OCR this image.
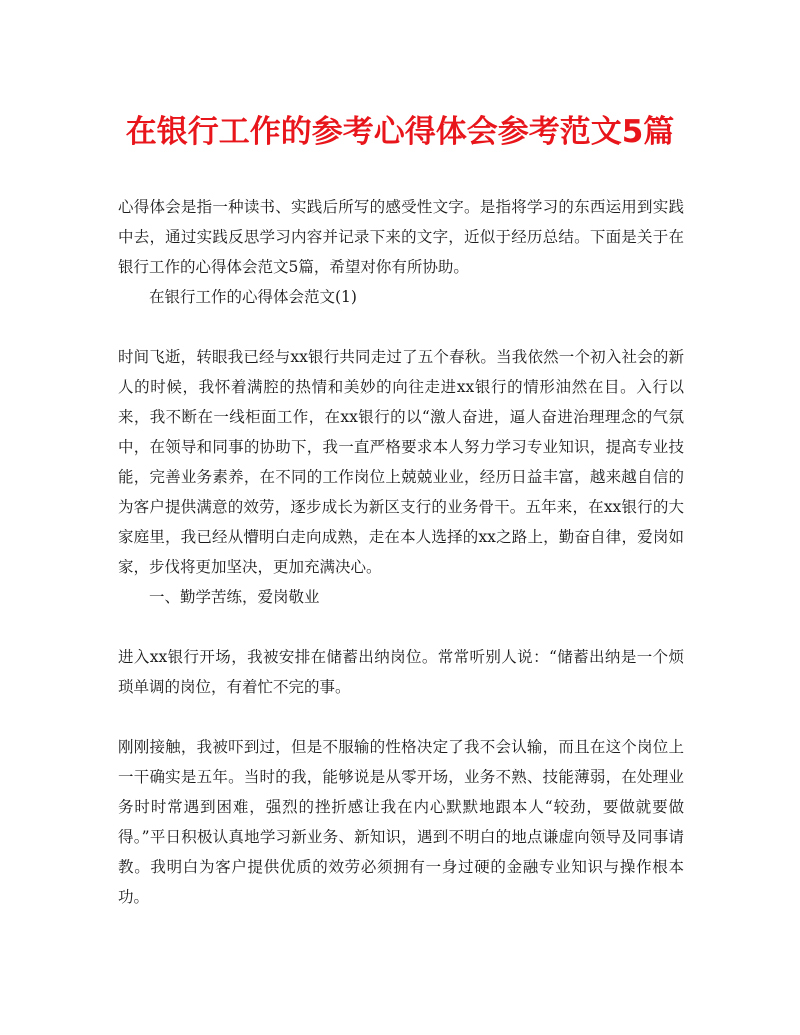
在银行工作的参考心得体会参考范文5篇

心得体会是指一种读书、实践后所写的感受性文字。是指将学习的东西运用到实践中去，通过实践反思学习内容并记录下来的文字，近似于经历总结。下面是关于在银行工作的心得体会范文5篇，希望对你有所协助。

在银行工作的心得体会范文(1)

时间飞逝，转眼我已经与xx银行共同走过了五个春秋。当我依然一个初入社会的新人的时候，我怀着满腔的热情和美妙的向往走进xx银行的情形油然在目。入行以来，我不断在一线柜面工作，在xx银行的以“激人奋进，逼人奋进治理理念的气氛中，在领导和同事的协助下，我一直严格要求本人努力学习专业知识，提高专业技能，完善业务素养，在不同的工作岗位上兢兢业业，经历日益丰富，越来越自信的为客户提供满意的效劳，逐步成长为新区支行的业务骨干。五年来，在xx银行的大家庭里，我已经从懵明白走向成熟，走在本人选择的xx之路上，勤奋自律，爱岗如家，步伐将更加坚决，更加充满决心。

一、勤学苦练，爱岗敬业

进入xx银行开场，我被安排在储蓄出纳岗位。常常听别人说：“储蓄出纳是一个烦琐单调的岗位，有着忙不完的事。

刚刚接触，我被吓到过，但是不服输的性格决定了我不会认输，而且在这个岗位上一干确实是五年。当时的我，能够说是从零开场，业务不熟、技能薄弱，在处理业务时时常遇到困难，强烈的挫折感让我在内心默默地跟本人“较劲，要做就要做得。”平日积极认真地学习新业务、新知识，遇到不明白的地点谦虚向领导及同事请教。我明白为客户提供优质的效劳必须拥有一身过硬的金融专业知识与操作根本功。
